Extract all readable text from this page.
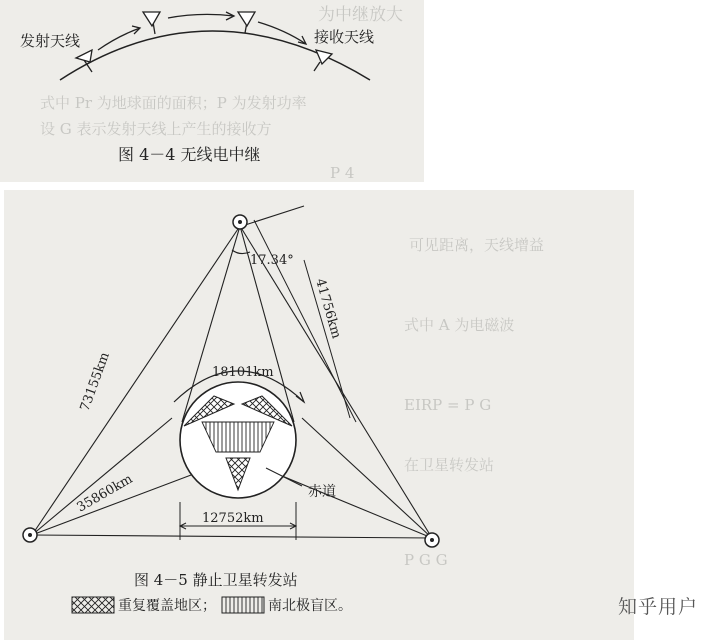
为中继放大
式中 Pr 为地球面的面积；P 为发射功率
设 G 表示发射天线上产生的接收方
P 4
发射天线	接收天线
图 4－4 无线电中继
可见距离，天线增益
式中 A 为电磁波
EIRP = P G
在卫星转发站
P G G
17.34°
41756km
73155km
35860km
18101km
12752km
赤道
图 4－5 静止卫星转发站
重复覆盖地区；	南北极盲区。	知乎用户
